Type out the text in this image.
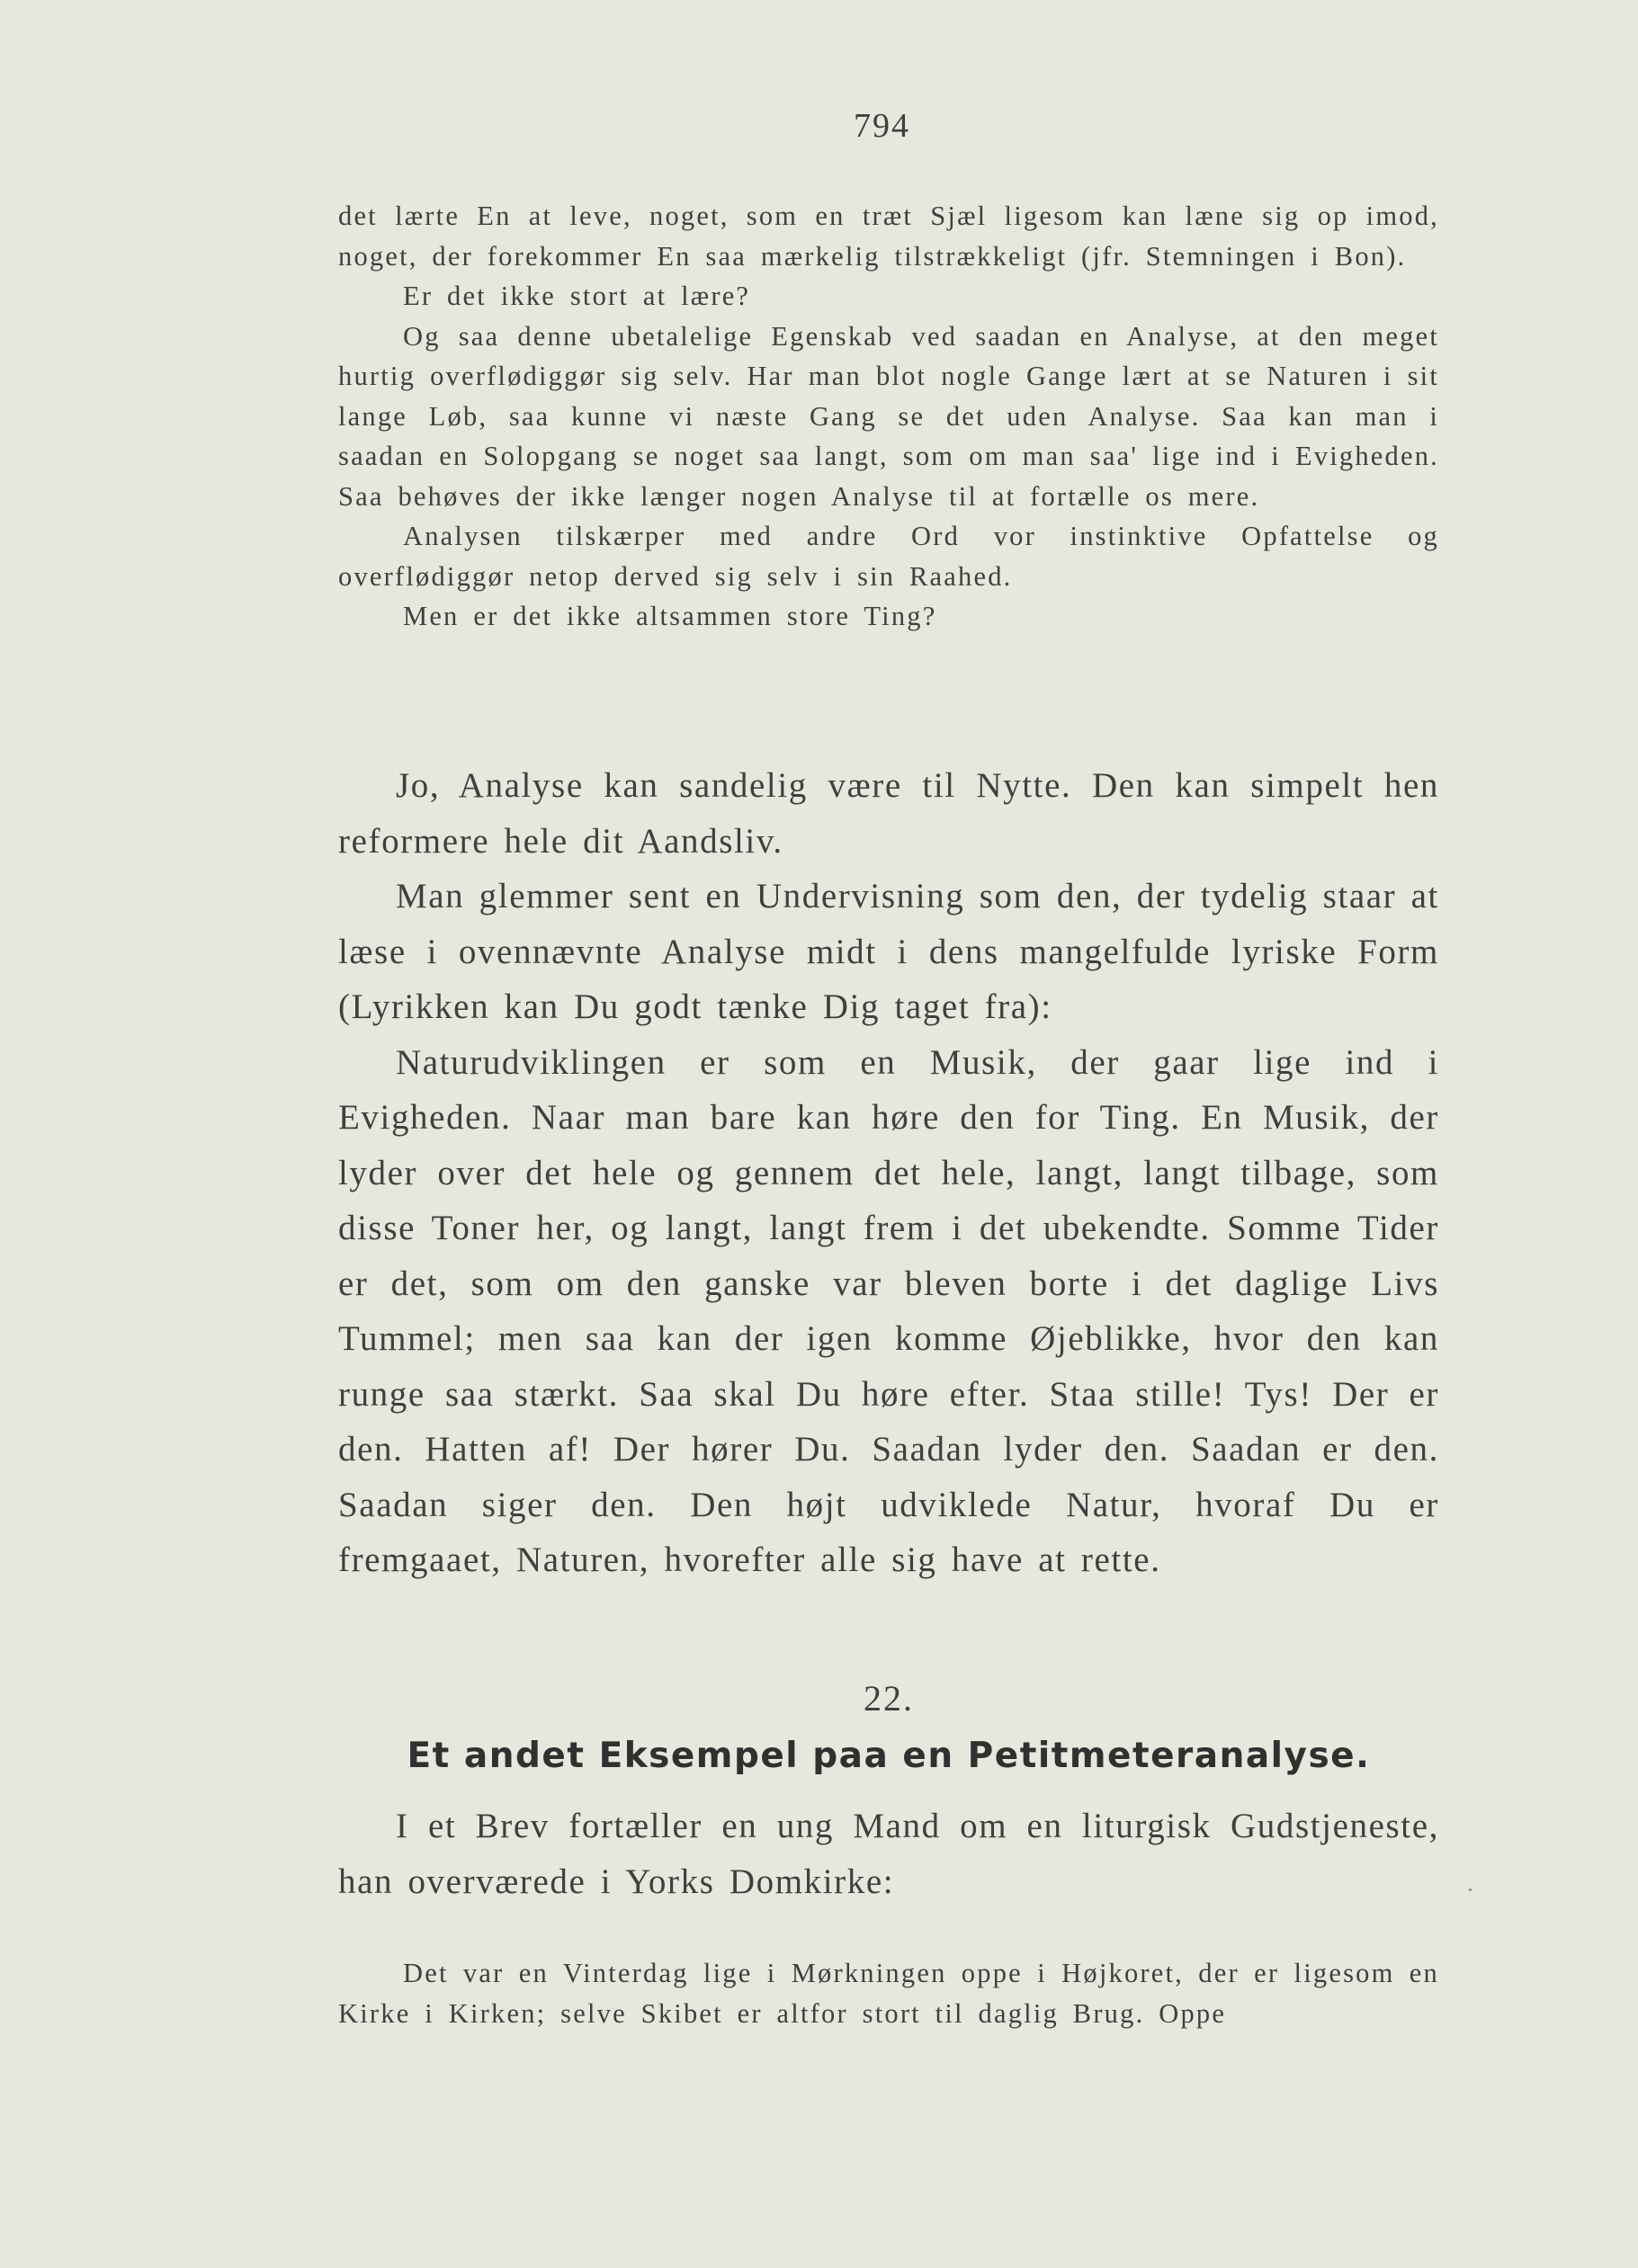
794

det lærte En at leve, noget, som en træt Sjæl ligesom kan læne sig op imod, noget, der forekommer En saa mærkelig tilstrækkeligt (jfr. Stemningen i Bon).

Er det ikke stort at lære?

Og saa denne ubetalelige Egenskab ved saadan en Analyse, at den meget hurtig overflødiggør sig selv. Har man blot nogle Gange lært at se Naturen i sit lange Løb, saa kunne vi næste Gang se det uden Analyse. Saa kan man i saadan en Solopgang se noget saa langt, som om man saa' lige ind i Evigheden. Saa behøves der ikke længer nogen Analyse til at fortælle os mere.

Analysen tilskærper med andre Ord vor instinktive Opfattelse og overflødiggør netop derved sig selv i sin Raahed.

Men er det ikke altsammen store Ting?

Jo, Analyse kan sandelig være til Nytte. Den kan simpelt hen reformere hele dit Aandsliv.

Man glemmer sent en Undervisning som den, der tydelig staar at læse i ovennævnte Analyse midt i dens mangelfulde lyriske Form (Lyrikken kan Du godt tænke Dig taget fra):

Naturudviklingen er som en Musik, der gaar lige ind i Evigheden. Naar man bare kan høre den for Ting. En Musik, der lyder over det hele og gennem det hele, langt, langt tilbage, som disse Toner her, og langt, langt frem i det ubekendte. Somme Tider er det, som om den ganske var bleven borte i det daglige Livs Tummel; men saa kan der igen komme Øjeblikke, hvor den kan runge saa stærkt. Saa skal Du høre efter. Staa stille! Tys! Der er den. Hatten af! Der hører Du. Saadan lyder den. Saadan er den. Saadan siger den. Den højt udviklede Natur, hvoraf Du er fremgaaet, Naturen, hvorefter alle sig have at rette.

22.
Et andet Eksempel paa en Petitmeteranalyse.

I et Brev fortæller en ung Mand om en liturgisk Gudstjeneste, han overværede i Yorks Domkirke:

Det var en Vinterdag lige i Mørkningen oppe i Højkoret, der er ligesom en Kirke i Kirken; selve Skibet er altfor stort til daglig Brug. Oppe
